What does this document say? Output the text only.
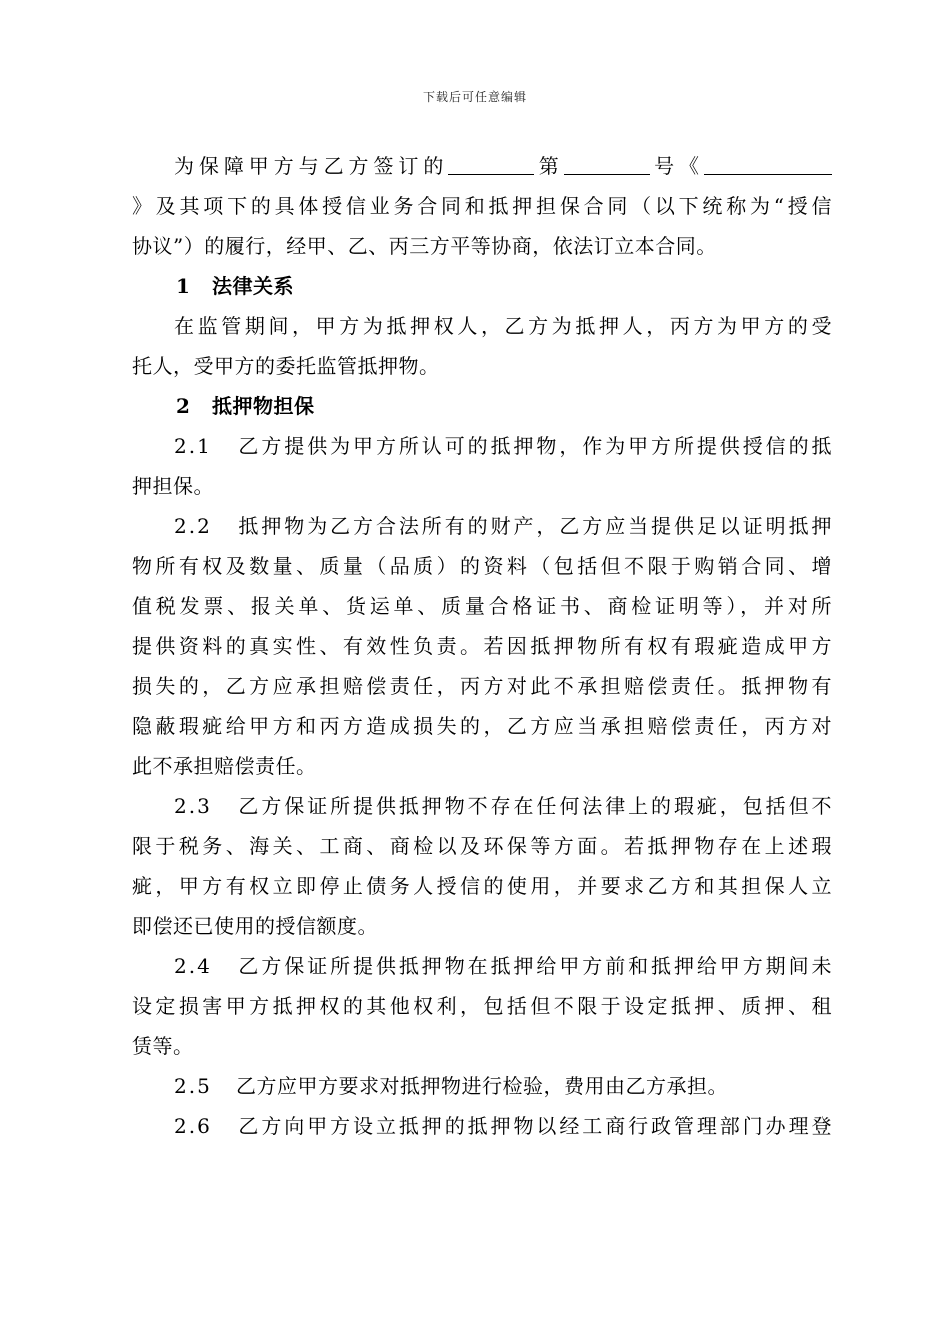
下载后可任意编辑
为保障甲方与乙方签订的	第	号《
》及其项下的具体授信业务合同和抵押担保合同（以下统称为“授信
协议”）的履行，经甲、乙、丙三方平等协商，依法订立本合同。
1 法律关系
在监管期间，甲方为抵押权人，乙方为抵押人，丙方为甲方的受
托人，受甲方的委托监管抵押物。
2 抵押物担保
2.1 乙方提供为甲方所认可的抵押物，作为甲方所提供授信的抵
押担保。
2.2 抵押物为乙方合法所有的财产，乙方应当提供足以证明抵押
物所有权及数量、质量（品质）的资料（包括但不限于购销合同、增
值税发票、报关单、货运单、质量合格证书、商检证明等），并对所
提供资料的真实性、有效性负责。若因抵押物所有权有瑕疵造成甲方
损失的，乙方应承担赔偿责任，丙方对此不承担赔偿责任。抵押物有
隐蔽瑕疵给甲方和丙方造成损失的，乙方应当承担赔偿责任，丙方对
此不承担赔偿责任。
2.3 乙方保证所提供抵押物不存在任何法律上的瑕疵，包括但不
限于税务、海关、工商、商检以及环保等方面。若抵押物存在上述瑕
疵，甲方有权立即停止债务人授信的使用，并要求乙方和其担保人立
即偿还已使用的授信额度。
2.4 乙方保证所提供抵押物在抵押给甲方前和抵押给甲方期间未
设定损害甲方抵押权的其他权利，包括但不限于设定抵押、质押、租
赁等。
2.5 乙方应甲方要求对抵押物进行检验，费用由乙方承担。
2.6 乙方向甲方设立抵押的抵押物以经工商行政管理部门办理登
